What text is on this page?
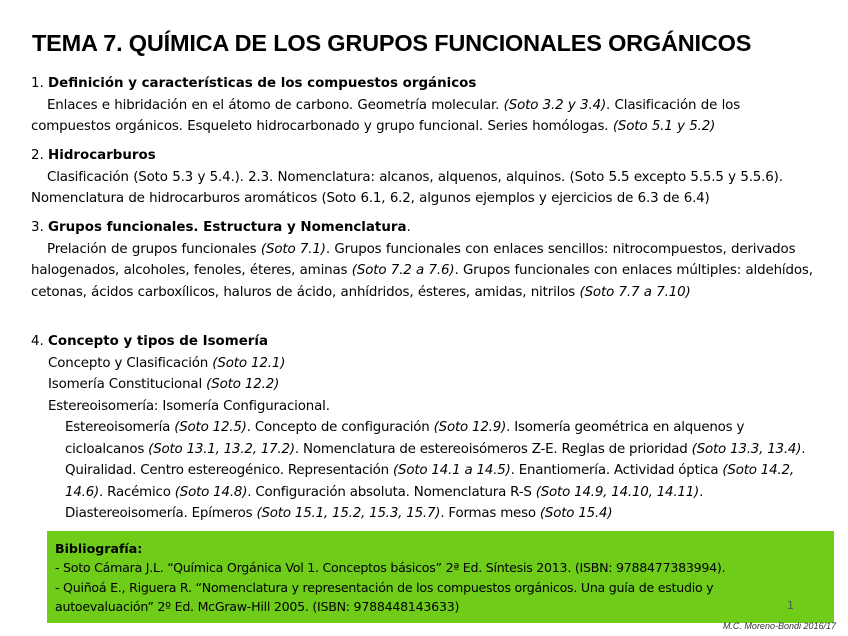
TEMA 7. QUÍMICA DE LOS GRUPOS FUNCIONALES ORGÁNICOS
1. Definición y características de los compuestos orgánicos
Enlaces e hibridación en el átomo de carbono. Geometría molecular. (Soto 3.2 y 3.4). Clasificación de los compuestos orgánicos. Esqueleto hidrocarbonado y grupo funcional. Series homólogas. (Soto 5.1 y 5.2)
2. Hidrocarburos
Clasificación (Soto 5.3 y 5.4.). 2.3. Nomenclatura: alcanos, alquenos, alquinos. (Soto 5.5 excepto 5.5.5 y 5.5.6). Nomenclatura de hidrocarburos aromáticos (Soto 6.1, 6.2, algunos ejemplos y ejercicios de 6.3 de 6.4)
3. Grupos funcionales. Estructura y Nomenclatura.
Prelación de grupos funcionales (Soto 7.1). Grupos funcionales con enlaces sencillos: nitrocompuestos, derivados halogenados, alcoholes, fenoles, éteres, aminas (Soto 7.2 a 7.6). Grupos funcionales con enlaces múltiples: aldehídos, cetonas, ácidos carboxílicos, haluros de ácido, anhídridos, ésteres, amidas, nitrilos (Soto 7.7 a 7.10)
4. Concepto y tipos de Isomería
Concepto y Clasificación (Soto 12.1)
Isomería Constitucional (Soto 12.2)
Estereoisomería: Isomería Configuracional.
Estereoisomería (Soto 12.5). Concepto de configuración (Soto 12.9). Isomería geométrica en alquenos y cicloalcanos (Soto 13.1, 13.2, 17.2). Nomenclatura de estereoisómeros Z-E. Reglas de prioridad (Soto 13.3, 13.4). Quiralidad. Centro estereogénico. Representación (Soto 14.1 a 14.5). Enantiomería. Actividad óptica (Soto 14.2, 14.6). Racémico (Soto 14.8). Configuración absoluta. Nomenclatura R-S (Soto 14.9, 14.10, 14.11). Diastereoisomería. Epímeros (Soto 15.1, 15.2, 15.3, 15.7). Formas meso (Soto 15.4)
Bibliografía:
- Soto Cámara J.L. “Química Orgánica Vol 1. Conceptos básicos” 2ª Ed. Síntesis 2013. (ISBN: 9788477383994).
- Quiñoá E., Riguera R. “Nomenclatura y representación de los compuestos orgánicos. Una guía de estudio y
autoevaluación” 2º Ed. McGraw-Hill 2005. (ISBN: 9788448143633)	1
M.C. Moreno-Bondi 2016/17
